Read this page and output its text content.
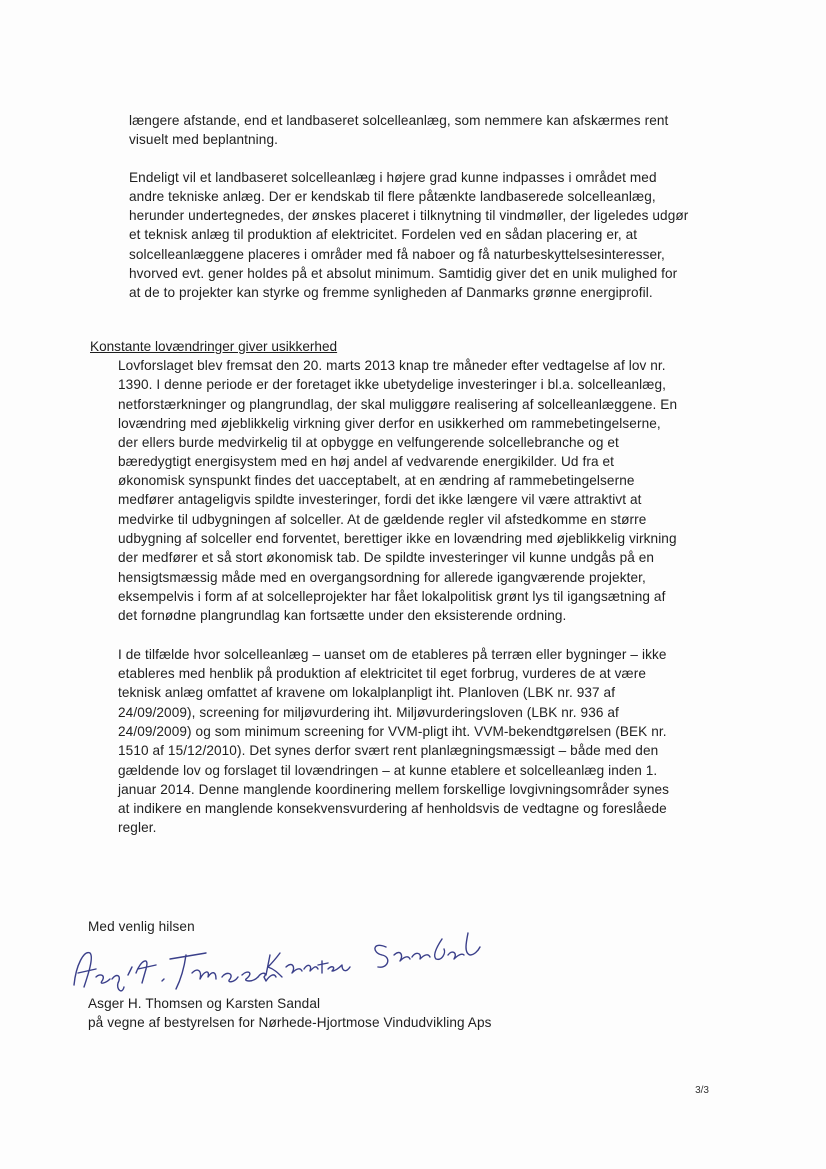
længere afstande, end et landbaseret solcelleanlæg, som nemmere kan afskærmes rent
visuelt med beplantning.
Endeligt vil et landbaseret solcelleanlæg i højere grad kunne indpasses i området med
andre tekniske anlæg. Der er kendskab til flere påtænkte landbaserede solcelleanlæg,
herunder undertegnedes, der ønskes placeret i tilknytning til vindmøller, der ligeledes udgør
et teknisk anlæg til produktion af elektricitet. Fordelen ved en sådan placering er, at
solcelleanlæggene placeres i områder med få naboer og få naturbeskyttelsesinteresser,
hvorved evt. gener holdes på et absolut minimum. Samtidig giver det en unik mulighed for
at de to projekter kan styrke og fremme synligheden af Danmarks grønne energiprofil.
Konstante lovændringer giver usikkerhed
Lovforslaget blev fremsat den 20. marts 2013 knap tre måneder efter vedtagelse af lov nr.
1390. I denne periode er der foretaget ikke ubetydelige investeringer i bl.a. solcelleanlæg,
netforstærkninger og plangrundlag, der skal muliggøre realisering af solcelleanlæggene. En
lovændring med øjeblikkelig virkning giver derfor en usikkerhed om rammebetingelserne,
der ellers burde medvirkelig til at opbygge en velfungerende solcellebranche og et
bæredygtigt energisystem med en høj andel af vedvarende energikilder. Ud fra et
økonomisk synspunkt findes det uacceptabelt, at en ændring af rammebetingelserne
medfører antageligvis spildte investeringer, fordi det ikke længere vil være attraktivt at
medvirke til udbygningen af solceller. At de gældende regler vil afstedkomme en større
udbygning af solceller end forventet, berettiger ikke en lovændring med øjeblikkelig virkning
der medfører et så stort økonomisk tab. De spildte investeringer vil kunne undgås på en
hensigtsmæssig måde med en overgangsordning for allerede igangværende projekter,
eksempelvis i form af at solcelleprojekter har fået lokalpolitisk grønt lys til igangsætning af
det fornødne plangrundlag kan fortsætte under den eksisterende ordning.
I de tilfælde hvor solcelleanlæg – uanset om de etableres på terræn eller bygninger – ikke
etableres med henblik på produktion af elektricitet til eget forbrug, vurderes de at være
teknisk anlæg omfattet af kravene om lokalplanpligt iht. Planloven (LBK nr. 937 af
24/09/2009), screening for miljøvurdering iht. Miljøvurderingsloven (LBK nr. 936 af
24/09/2009) og som minimum screening for VVM-pligt iht. VVM-bekendtgørelsen (BEK nr.
1510 af 15/12/2010). Det synes derfor svært rent planlægningsmæssigt – både med den
gældende lov og forslaget til lovændringen – at kunne etablere et solcelleanlæg inden 1.
januar 2014. Denne manglende koordinering mellem forskellige lovgivningsområder synes
at indikere en manglende konsekvensvurdering af henholdsvis de vedtagne og foreslåede
regler.
Med venlig hilsen
Asger H. Thomsen og Karsten Sandal
på vegne af bestyrelsen for Nørhede-Hjortmose Vindudvikling Aps
3/3
